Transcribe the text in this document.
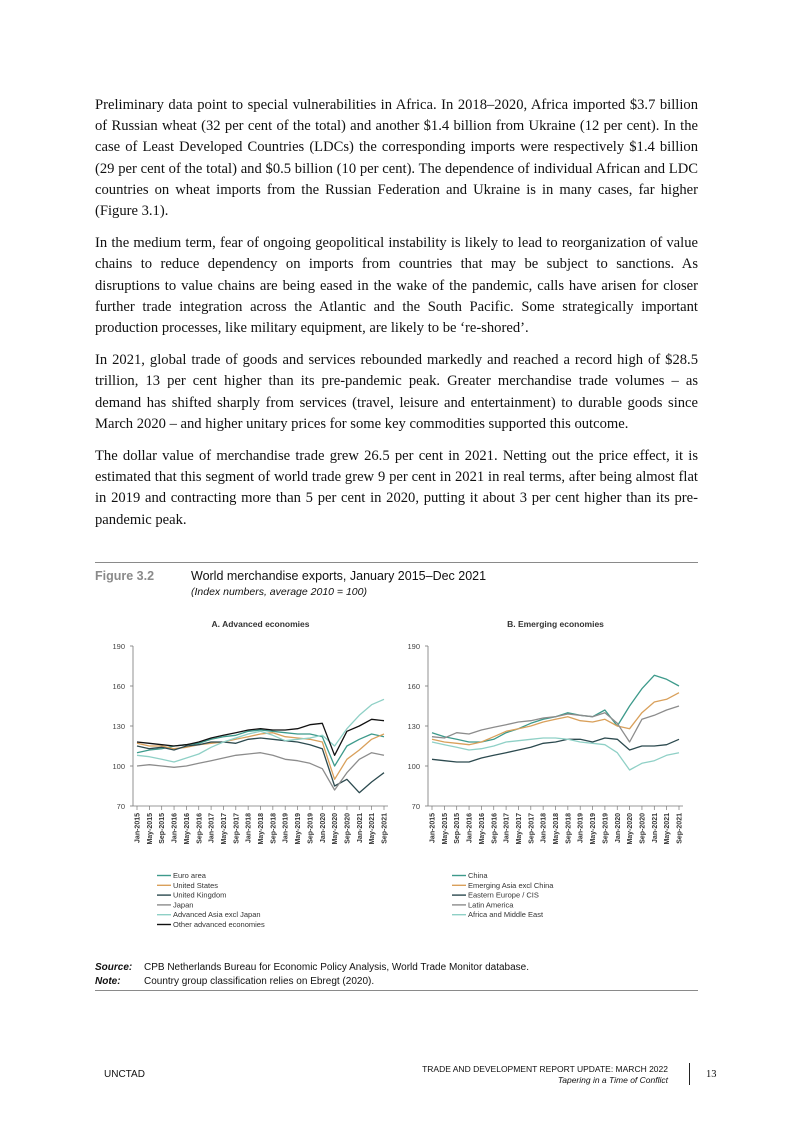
Preliminary data point to special vulnerabilities in Africa. In 2018–2020, Africa imported $3.7 billion of Russian wheat (32 per cent of the total) and another $1.4 billion from Ukraine (12 per cent). In the case of Least Developed Countries (LDCs) the corresponding imports were respectively $1.4 billion (29 per cent of the total) and $0.5 billion (10 per cent). The dependence of individual African and LDC countries on wheat imports from the Russian Federation and Ukraine is in many cases, far higher (Figure 3.1).

In the medium term, fear of ongoing geopolitical instability is likely to lead to reorganization of value chains to reduce dependency on imports from countries that may be subject to sanctions. As disruptions to value chains are being eased in the wake of the pandemic, calls have arisen for closer further trade integration across the Atlantic and the South Pacific. Some strategically important production processes, like military equipment, are likely to be ‘re-shored’.

In 2021, global trade of goods and services rebounded markedly and reached a record high of $28.5 trillion, 13 per cent higher than its pre-pandemic peak. Greater merchandise trade volumes – as demand has shifted sharply from services (travel, leisure and entertainment) to durable goods since March 2020 – and higher unitary prices for some key commodities supported this outcome.

The dollar value of merchandise trade grew 26.5 per cent in 2021. Netting out the price effect, it is estimated that this segment of world trade grew 9 per cent in 2021 in real terms, after being almost flat in 2019 and contracting more than 5 per cent in 2020, putting it about 3 per cent higher than its pre-pandemic peak.

Figure 3.2	World merchandise exports, January 2015–Dec 2021
(Index numbers, average 2010 = 100)
A. Advanced economies
70
100
130
160
190
Jan-2015 May-2015 Sep-2015 Jan-2016 May-2016 Sep-2016 Jan-2017 May-2017 Sep-2017 Jan-2018 May-2018 Sep-2018 Jan-2019 May-2019 Sep-2019 Jan-2020 May-2020 Sep-2020 Jan-2021 May-2021 Sep-2021
Euro area
United States
United Kingdom
Japan
Advanced Asia excl Japan
Other advanced economies
B. Emerging economies
70
100
130
160
190
Jan-2015 May-2015 Sep-2015 Jan-2016 May-2016 Sep-2016 Jan-2017 May-2017 Sep-2017 Jan-2018 May-2018 Sep-2018 Jan-2019 May-2019 Sep-2019 Jan-2020 May-2020 Sep-2020 Jan-2021 May-2021 Sep-2021
China
Emerging Asia excl China
Eastern Europe / CIS
Latin America
Africa and Middle East
Source: CPB Netherlands Bureau for Economic Policy Analysis, World Trade Monitor database.
Note: Country group classification relies on Ebregt (2020).
UNCTAD	TRADE AND DEVELOPMENT REPORT UPDATE: MARCH 2022
Tapering in a Time of Conflict	13
